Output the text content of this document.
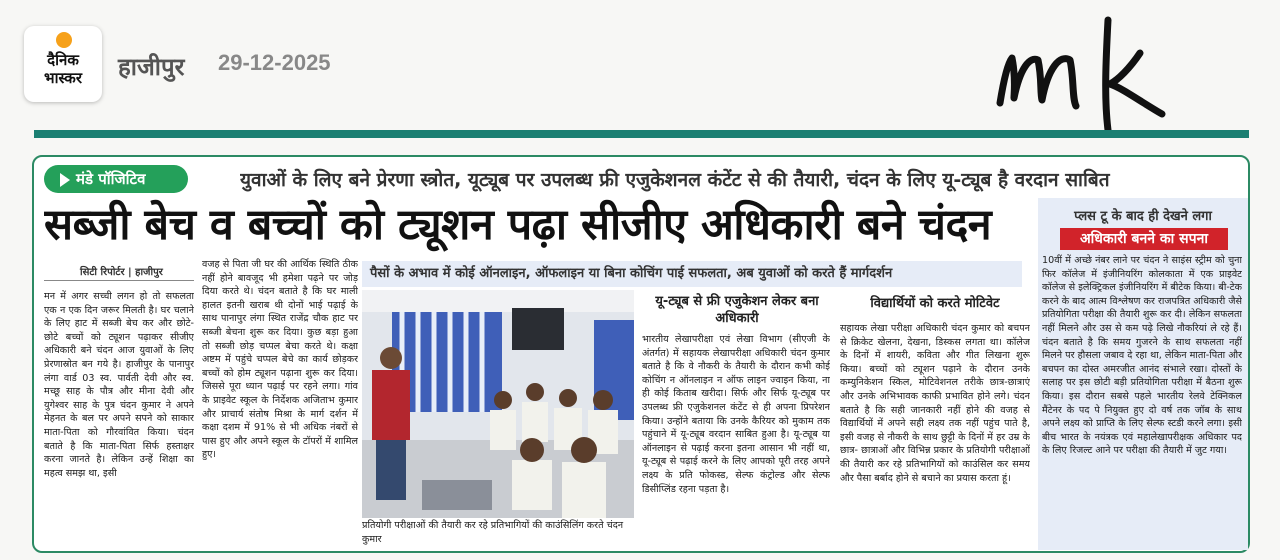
दैनिक
भास्कर	हाजीपुर 29-12-2025
मंडे पॉजिटिव	युवाओं के लिए बने प्रेरणा स्त्रोत, यूट्यूब पर उपलब्ध फ्री एजुकेशनल कंटेंट से की तैयारी, चंदन के लिए यू-ट्यूब है वरदान साबित
सब्जी बेच व बच्चों को ट्यूशन पढ़ा सीजीए अधिकारी बने चंदन
सिटी रिपोर्टर | हाजीपुर
मन में अगर सच्ची लगन हो तो सफलता एक न एक दिन जरूर मिलती है। घर चलाने के लिए हाट में सब्जी बेच कर और छोटे-छोटे बच्चों को ट्यूशन पढ़ाकर सीजीए अधिकारी बने चंदन आज युवाओं के लिए प्रेरणास्रोत बन गये है। हाजीपुर के पानापुर लंगा वार्ड 03 स्व. पार्वती देवी और स्व. मच्छू साह के पौत्र और मीना देवी और युगेश्वर साह के पुत्र चंदन कुमार ने अपने मेहनत के बल पर अपने सपने को साकार माता-पिता को गौरवांवित किया। चंदन बताते है कि माता-पिता सिर्फ हस्ताक्षर करना जानते है। लेकिन उन्हें शिक्षा का महत्व समझ था, इसी
वजह से पिता जी घर की आर्थिक स्थिति ठीक नहीं होने बावजूद भी हमेशा पढ़ने पर जोड़ दिया करते थे। चंदन बताते है कि घर माली हालत इतनी खराब थी दोनों भाई पढ़ाई के साथ पानापुर लंगा स्थित राजेंद्र चौक हाट पर सब्जी बेचना शुरू कर दिया। कुछ बड़ा हुआ तो सब्जी छोड़ चप्पल बेचा करते थे। कक्षा अष्टम में पहुंचे चप्पल बेचे का कार्य छोड़कर बच्चों को होम ट्यूशन पढ़ाना शुरू कर दिया। जिससे पूरा ध्यान पढ़ाई पर रहने लगा। गांव के प्राइवेट स्कूल के निर्देशक अजिताभ कुमार और प्राचार्य संतोष मिश्रा के मार्ग दर्शन में कक्षा दशम में 91% से भी अधिक नंबरों से पास हुए और अपने स्कूल के टॉपरों में शामिल हुए।
पैसों के अभाव में कोई ऑनलाइन, ऑफलाइन या बिना कोचिंग पाई सफलता, अब युवाओं को करते हैं मार्गदर्शन
प्रतियोगी परीक्षाओं की तैयारी कर रहे प्रतिभागियों की काउंसिलिंग करते चंदन कुमार
यू-ट्यूब से फ्री एजुकेशन लेकर बना अधिकारी
भारतीय लेखापरीक्षा एवं लेखा विभाग (सीएजी के अंतर्गत) में सहायक लेखापरीक्षा अधिकारी चंदन कुमार बताते है कि वे नौकरी के तैयारी के दौरान कभी कोई कोचिंग न ऑनलाइन न ऑफ लाइन ज्वाइन किया, ना ही कोई किताब खरीदा। सिर्फ और सिर्फ यू-ट्यूब पर उपलब्ध फ्री एजुकेशनल कंटेंट से ही अपना प्रिपरेशन किया। उन्होंने बताया कि उनके कैरियर को मुकाम तक पहुंचाने में यू-ट्यूब वरदान साबित हुआ है। यू-ट्यूब या ऑनलाइन से पढ़ाई करना इतना आसान भी नहीं था, यू-ट्यूब से पढ़ाई करने के लिए आपको पूरी तरह अपने लक्ष्य के प्रति फोकस्ड, सेल्फ कंट्रोल्ड और सेल्फ डिसीप्लिंड रहना पड़ता है।
विद्यार्थियों को करते मोटिवेट
सहायक लेखा परीक्षा अधिकारी चंदन कुमार को बचपन से क्रिकेट खेलना, देखना, डिस्कस लगता था। कॉलेज के दिनों में शायरी, कविता और गीत लिखना शुरू किया। बच्चों को ट्यूशन पढ़ाने के दौरान उनके कम्युनिकेशन स्किल, मोटिवेशनल तरीके छात्र-छात्राएं और उनके अभिभावक काफी प्रभावित होने लगे। चंदन बताते है कि सही जानकारी नहीं होने की वजह से विद्यार्थियों में अपने सही लक्ष्य तक नहीं पहुंच पाते है, इसी वजह से नौकरी के साथ छुट्टी के दिनों में हर उम्र के छात्र- छात्राओं और विभिन्न प्रकार के प्रतियोगी परीक्षाओं की तैयारी कर रहे प्रतिभागियों को काउंसिल कर समय और पैसा बर्बाद होने से बचाने का प्रयास करता हूं।
प्लस टू के बाद ही देखने लगा
अधिकारी बनने का सपना
10वीं में अच्छे नंबर लाने पर चंदन ने साइंस स्ट्रीम को चुना फिर कॉलेज में इंजीनियरिंग कोलकाता में एक प्राइवेट कॉलेज से इलेक्ट्रिकल इंजीनियरिंग में बीटेक किया। बी-टेक करने के बाद आत्म विश्लेषण कर राजपत्रित अधिकारी जैसे प्रतियोगिता परीक्षा की तैयारी शुरू कर दी। लेकिन सफलता नहीं मिलने और उस से कम पढ़े लिखे नौकरियां ले रहे हैं। चंदन बताते है कि समय गुजरने के साथ सफलता नहीं मिलने पर हौसला जबाव दे रहा था, लेकिन माता-पिता और बचपन का दोस्त अमरजीत आनंद संभाले रखा। दोस्तों के सलाह पर इस छोटी बड़ी प्रतियोगिता परीक्षा में बैठना शुरू किया। इस दौरान सबसे पहले भारतीय रेलवे टेक्निकल मैंटेनर के पद पे नियुक्त हुए दो वर्ष तक जॉब के साथ अपने लक्ष्य को प्राप्ति के लिए सेल्फ स्टडी करने लगा। इसी बीच भारत के नयंत्रक एवं महालेखापरीक्षक अधिकार पद के लिए रिजल्ट आने पर परीक्षा की तैयारी में जुट गया।
